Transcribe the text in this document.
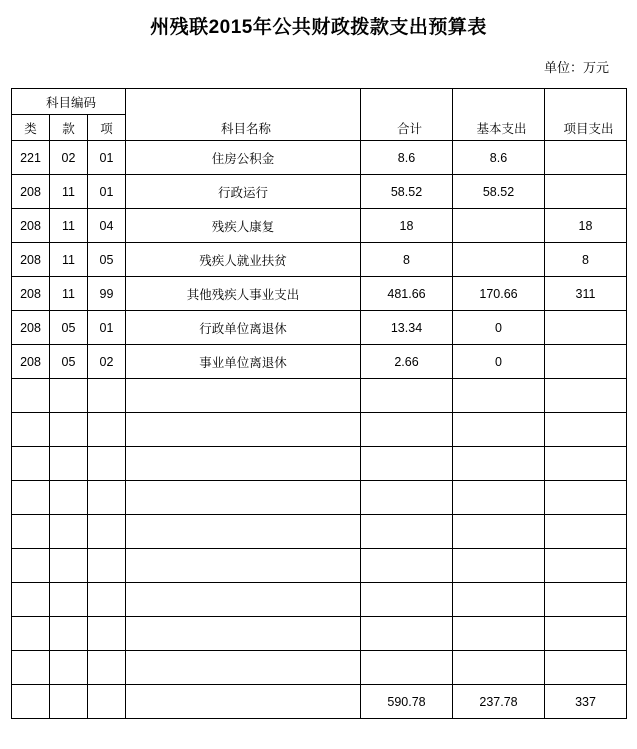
州残联2015年公共财政拨款支出预算表
单位：万元
科目编码			科目名称	合计	基本支出	项目支出
类	款	项				
221	02	01	住房公积金	8.6	8.6	
208	11	01	行政运行	58.52	58.52	
208	11	04	残疾人康复	18		18
208	11	05	残疾人就业扶贫	8		8
208	11	99	其他残疾人事业支出	481.66	170.66	311
208	05	01	行政单位离退休	13.34	0	
208	05	02	事业单位离退休	2.66	0	

				590.78	237.78	337
